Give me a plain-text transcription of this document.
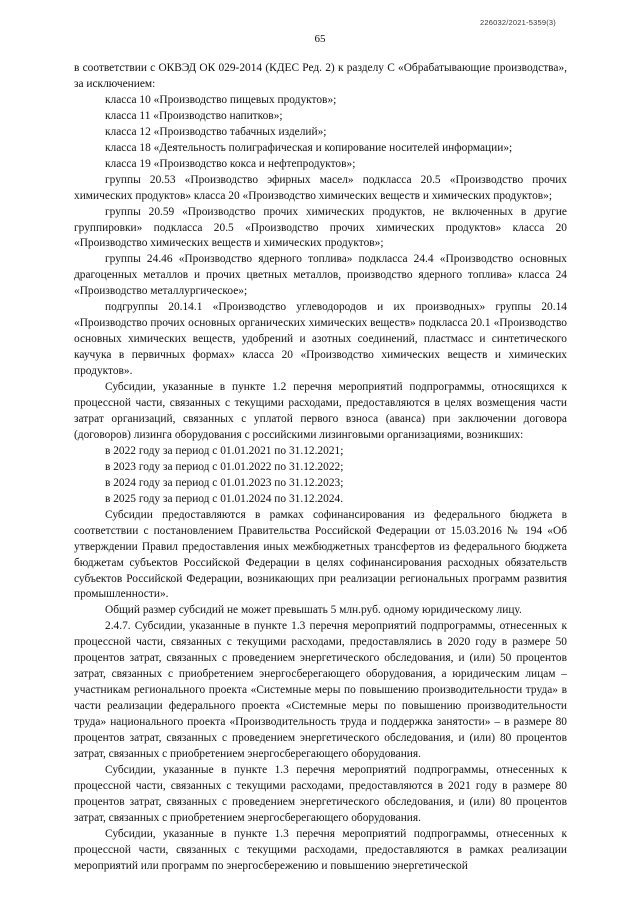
226032/2021-5359(3)
65

в соответствии с ОКВЭД ОК 029-2014 (КДЕС Ред. 2) к разделу С «Обрабатывающие производства», за исключением:

класса 10 «Производство пищевых продуктов»;

класса 11 «Производство напитков»;

класса 12 «Производство табачных изделий»;

класса 18 «Деятельность полиграфическая и копирование носителей информации»;

класса 19 «Производство кокса и нефтепродуктов»;

группы 20.53 «Производство эфирных масел» подкласса 20.5 «Производство прочих химических продуктов» класса 20 «Производство химических веществ и химических продуктов»;

группы 20.59 «Производство прочих химических продуктов, не включенных в другие группировки» подкласса 20.5 «Производство прочих химических продуктов» класса 20 «Производство химических веществ и химических продуктов»;

группы 24.46 «Производство ядерного топлива» подкласса 24.4 «Производство основных драгоценных металлов и прочих цветных металлов, производство ядерного топлива» класса 24 «Производство металлургическое»;

подгруппы 20.14.1 «Производство углеводородов и их производных» группы 20.14 «Производство прочих основных органических химических веществ» подкласса 20.1 «Производство основных химических веществ, удобрений и азотных соединений, пластмасс и синтетического каучука в первичных формах» класса 20 «Производство химических веществ и химических продуктов».

Субсидии, указанные в пункте 1.2 перечня мероприятий подпрограммы, относящихся к процессной части, связанных с текущими расходами, предоставляются в целях возмещения части затрат организаций, связанных с уплатой первого взноса (аванса) при заключении договора (договоров) лизинга оборудования с российскими лизинговыми организациями, возникших:

в 2022 году за период с 01.01.2021 по 31.12.2021;

в 2023 году за период с 01.01.2022 по 31.12.2022;

в 2024 году за период с 01.01.2023 по 31.12.2023;

в 2025 году за период с 01.01.2024 по 31.12.2024.

Субсидии предоставляются в рамках софинансирования из федерального бюджета в соответствии с постановлением Правительства Российской Федерации от 15.03.2016 № 194 «Об утверждении Правил предоставления иных межбюджетных трансфертов из федерального бюджета бюджетам субъектов Российской Федерации в целях софинансирования расходных обязательств субъектов Российской Федерации, возникающих при реализации региональных программ развития промышленности».

Общий размер субсидий не может превышать 5 млн.руб. одному юридическому лицу.

2.4.7. Субсидии, указанные в пункте 1.3 перечня мероприятий подпрограммы, отнесенных к процессной части, связанных с текущими расходами, предоставлялись в 2020 году в размере 50 процентов затрат, связанных с проведением энергетического обследования, и (или) 50 процентов затрат, связанных с приобретением энергосберегающего оборудования, а юридическим лицам – участникам регионального проекта «Системные меры по повышению производительности труда» в части реализации федерального проекта «Системные меры по повышению производительности труда» национального проекта «Производительность труда и поддержка занятости» – в размере 80 процентов затрат, связанных с проведением энергетического обследования, и (или) 80 процентов затрат, связанных с приобретением энергосберегающего оборудования.

Субсидии, указанные в пункте 1.3 перечня мероприятий подпрограммы, отнесенных к процессной части, связанных с текущими расходами, предоставляются в 2021 году в размере 80 процентов затрат, связанных с проведением энергетического обследования, и (или) 80 процентов затрат, связанных с приобретением энергосберегающего оборудования.

Субсидии, указанные в пункте 1.3 перечня мероприятий подпрограммы, отнесенных к процессной части, связанных с текущими расходами, предоставляются в рамках реализации мероприятий или программ по энергосбережению и повышению энергетической
